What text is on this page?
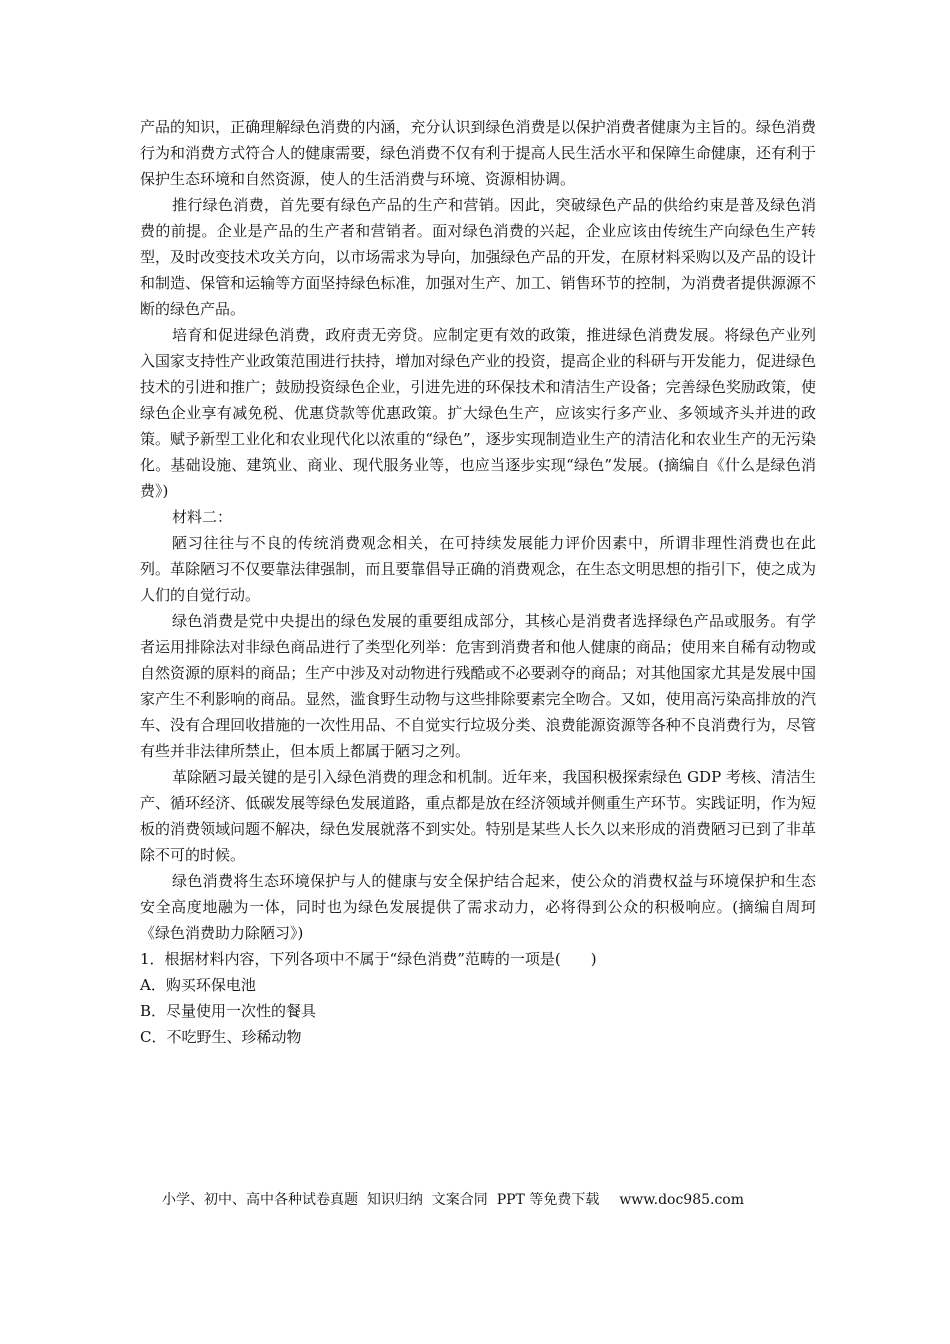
产品的知识，正确理解绿色消费的内涵，充分认识到绿色消费是以保护消费者健康为主旨的。绿色消费行为和消费方式符合人的健康需要，绿色消费不仅有利于提高人民生活水平和保障生命健康，还有利于保护生态环境和自然资源，使人的生活消费与环境、资源相协调。

推行绿色消费，首先要有绿色产品的生产和营销。因此，突破绿色产品的供给约束是普及绿色消费的前提。企业是产品的生产者和营销者。面对绿色消费的兴起，企业应该由传统生产向绿色生产转型，及时改变技术攻关方向，以市场需求为导向，加强绿色产品的开发，在原材料采购以及产品的设计和制造、保管和运输等方面坚持绿色标准，加强对生产、加工、销售环节的控制，为消费者提供源源不断的绿色产品。

培育和促进绿色消费，政府责无旁贷。应制定更有效的政策，推进绿色消费发展。将绿色产业列入国家支持性产业政策范围进行扶持，增加对绿色产业的投资，提高企业的科研与开发能力，促进绿色技术的引进和推广；鼓励投资绿色企业，引进先进的环保技术和清洁生产设备；完善绿色奖励政策，使绿色企业享有减免税、优惠贷款等优惠政策。扩大绿色生产，应该实行多产业、多领域齐头并进的政策。赋予新型工业化和农业现代化以浓重的“绿色”，逐步实现制造业生产的清洁化和农业生产的无污染化。基础设施、建筑业、商业、现代服务业等，也应当逐步实现“绿色”发展。(摘编自《什么是绿色消费》)

材料二：

陋习往往与不良的传统消费观念相关，在可持续发展能力评价因素中，所谓非理性消费也在此列。革除陋习不仅要靠法律强制，而且要靠倡导正确的消费观念，在生态文明思想的指引下，使之成为人们的自觉行动。

绿色消费是党中央提出的绿色发展的重要组成部分，其核心是消费者选择绿色产品或服务。有学者运用排除法对非绿色商品进行了类型化列举：危害到消费者和他人健康的商品；使用来自稀有动物或自然资源的原料的商品；生产中涉及对动物进行残酷或不必要剥夺的商品；对其他国家尤其是发展中国家产生不利影响的商品。显然，滥食野生动物与这些排除要素完全吻合。又如，使用高污染高排放的汽车、没有合理回收措施的一次性用品、不自觉实行垃圾分类、浪费能源资源等各种不良消费行为，尽管有些并非法律所禁止，但本质上都属于陋习之列。

革除陋习最关键的是引入绿色消费的理念和机制。近年来，我国积极探索绿色 GDP 考核、清洁生产、循环经济、低碳发展等绿色发展道路，重点都是放在经济领域并侧重生产环节。实践证明，作为短板的消费领域问题不解决，绿色发展就落不到实处。特别是某些人长久以来形成的消费陋习已到了非革除不可的时候。

绿色消费将生态环境保护与人的健康与安全保护结合起来，使公众的消费权益与环境保护和生态安全高度地融为一体，同时也为绿色发展提供了需求动力，必将得到公众的积极响应。(摘编自周珂《绿色消费助力除陋习》)

1．根据材料内容，下列各项中不属于“绿色消费”范畴的一项是(　　)

A．购买环保电池

B．尽量使用一次性的餐具

C．不吃野生、珍稀动物

小学、初中、高中各种试卷真题  知识归纳  文案合同  PPT 等免费下载 www.doc985.com
